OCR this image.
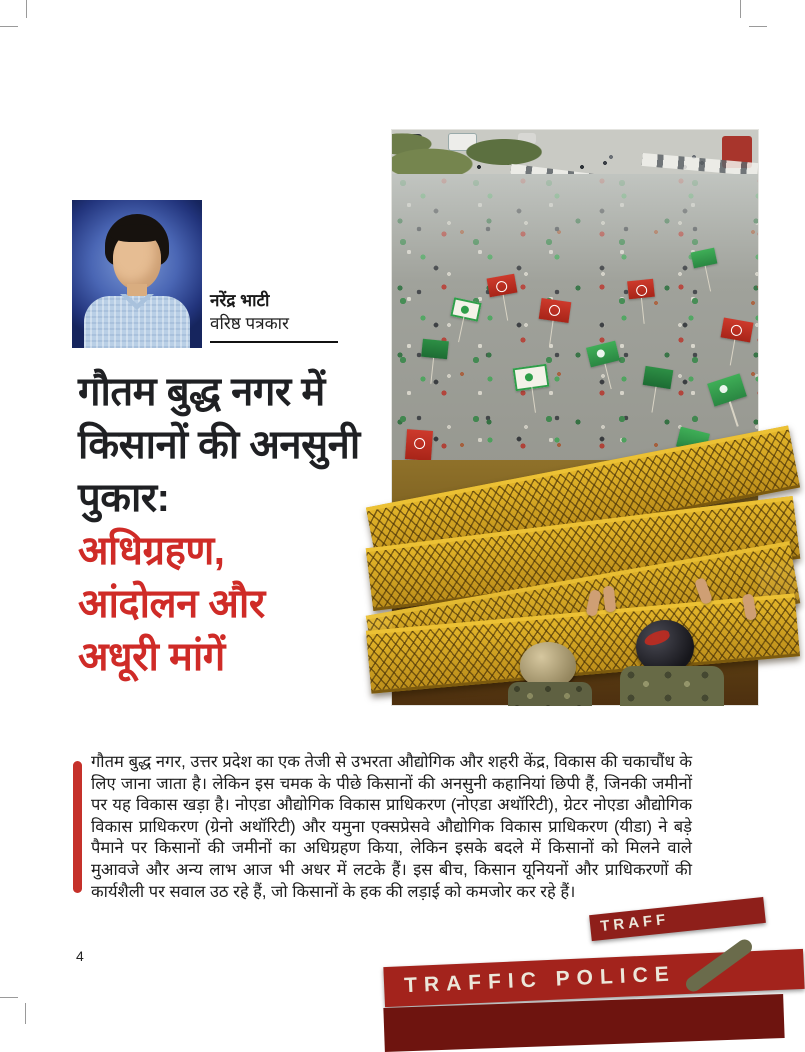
नरेंद्र भाटी
वरिष्ठ पत्रकार
गौतम बुद्ध नगर में
किसानों की अनसुनी
पुकार:
अधिग्रहण,
आंदोलन और
अधूरी मांगें
TRAFF
TRAFFIC POLICE

गौतम बुद्ध नगर, उत्तर प्रदेश का एक तेजी से उभरता औद्योगिक और शहरी केंद्र, विकास की चकाचौंध के लिए जाना जाता है। लेकिन इस चमक के पीछे किसानों की अनसुनी कहानियां छिपी हैं, जिनकी जमीनों पर यह विकास खड़ा है। नोएडा औद्योगिक विकास प्राधिकरण (नोएडा अथॉरिटी), ग्रेटर नोएडा औद्योगिक विकास प्राधिकरण (ग्रेनो अथॉरिटी) और यमुना एक्सप्रेसवे औद्योगिक विकास प्राधिकरण (यीडा) ने बड़े पैमाने पर किसानों की जमीनों का अधिग्रहण किया, लेकिन इसके बदले में किसानों को मिलने वाले मुआवजे और अन्य लाभ आज भी अधर में लटके हैं। इस बीच, किसान यूनियनों और प्राधिकरणों की कार्यशैली पर सवाल उठ रहे हैं, जो किसानों के हक की लड़ाई को कमजोर कर रहे हैं।

4
